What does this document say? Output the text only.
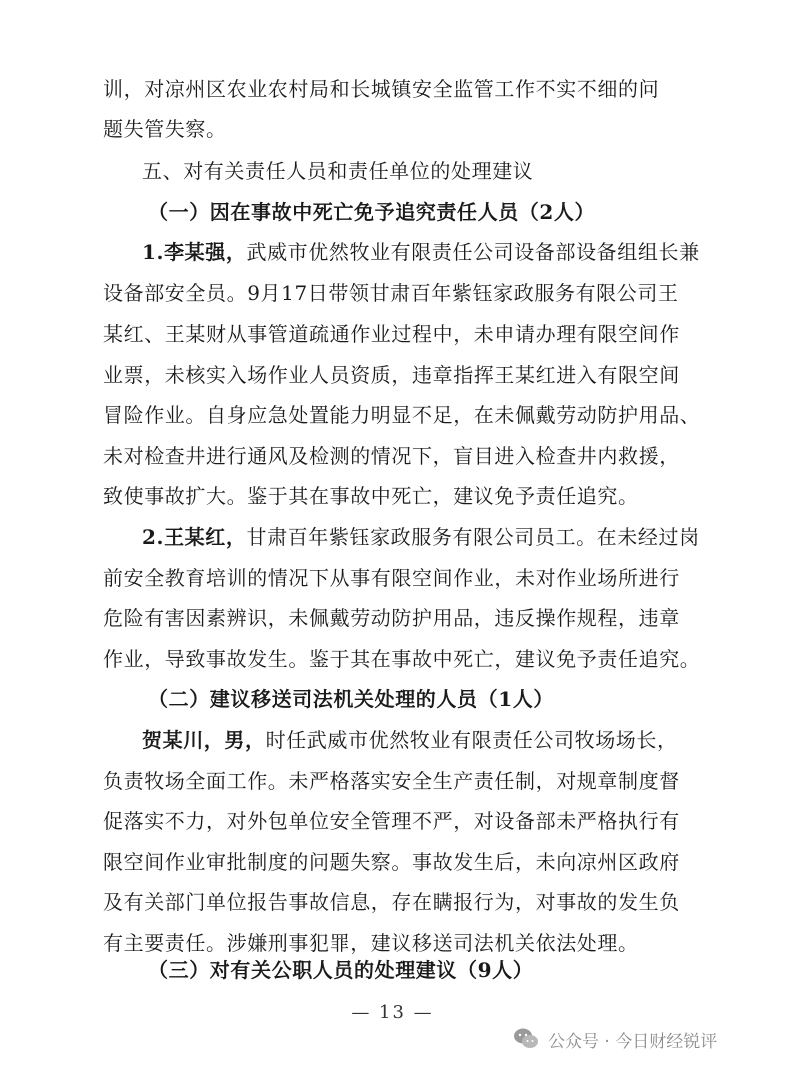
训，对凉州区农业农村局和长城镇安全监管工作不实不细的问
题失管失察。
五、对有关责任人员和责任单位的处理建议
（一）因在事故中死亡免予追究责任人员（2人）
1.李某强，武威市优然牧业有限责任公司设备部设备组组长兼
设备部安全员。9月17日带领甘肃百年紫钰家政服务有限公司王
某红、王某财从事管道疏通作业过程中，未申请办理有限空间作
业票，未核实入场作业人员资质，违章指挥王某红进入有限空间
冒险作业。自身应急处置能力明显不足，在未佩戴劳动防护用品、
未对检查井进行通风及检测的情况下，盲目进入检查井内救援，
致使事故扩大。鉴于其在事故中死亡，建议免予责任追究。
2.王某红，甘肃百年紫钰家政服务有限公司员工。在未经过岗
前安全教育培训的情况下从事有限空间作业，未对作业场所进行
危险有害因素辨识，未佩戴劳动防护用品，违反操作规程，违章
作业，导致事故发生。鉴于其在事故中死亡，建议免予责任追究。
（二）建议移送司法机关处理的人员（1人）
贺某川，男，时任武威市优然牧业有限责任公司牧场场长，
负责牧场全面工作。未严格落实安全生产责任制，对规章制度督
促落实不力，对外包单位安全管理不严，对设备部未严格执行有
限空间作业审批制度的问题失察。事故发生后，未向凉州区政府
及有关部门单位报告事故信息，存在瞒报行为，对事故的发生负
有主要责任。涉嫌刑事犯罪，建议移送司法机关依法处理。
（三）对有关公职人员的处理建议（9人）
— 13 —
公众号 · 今日财经锐评
